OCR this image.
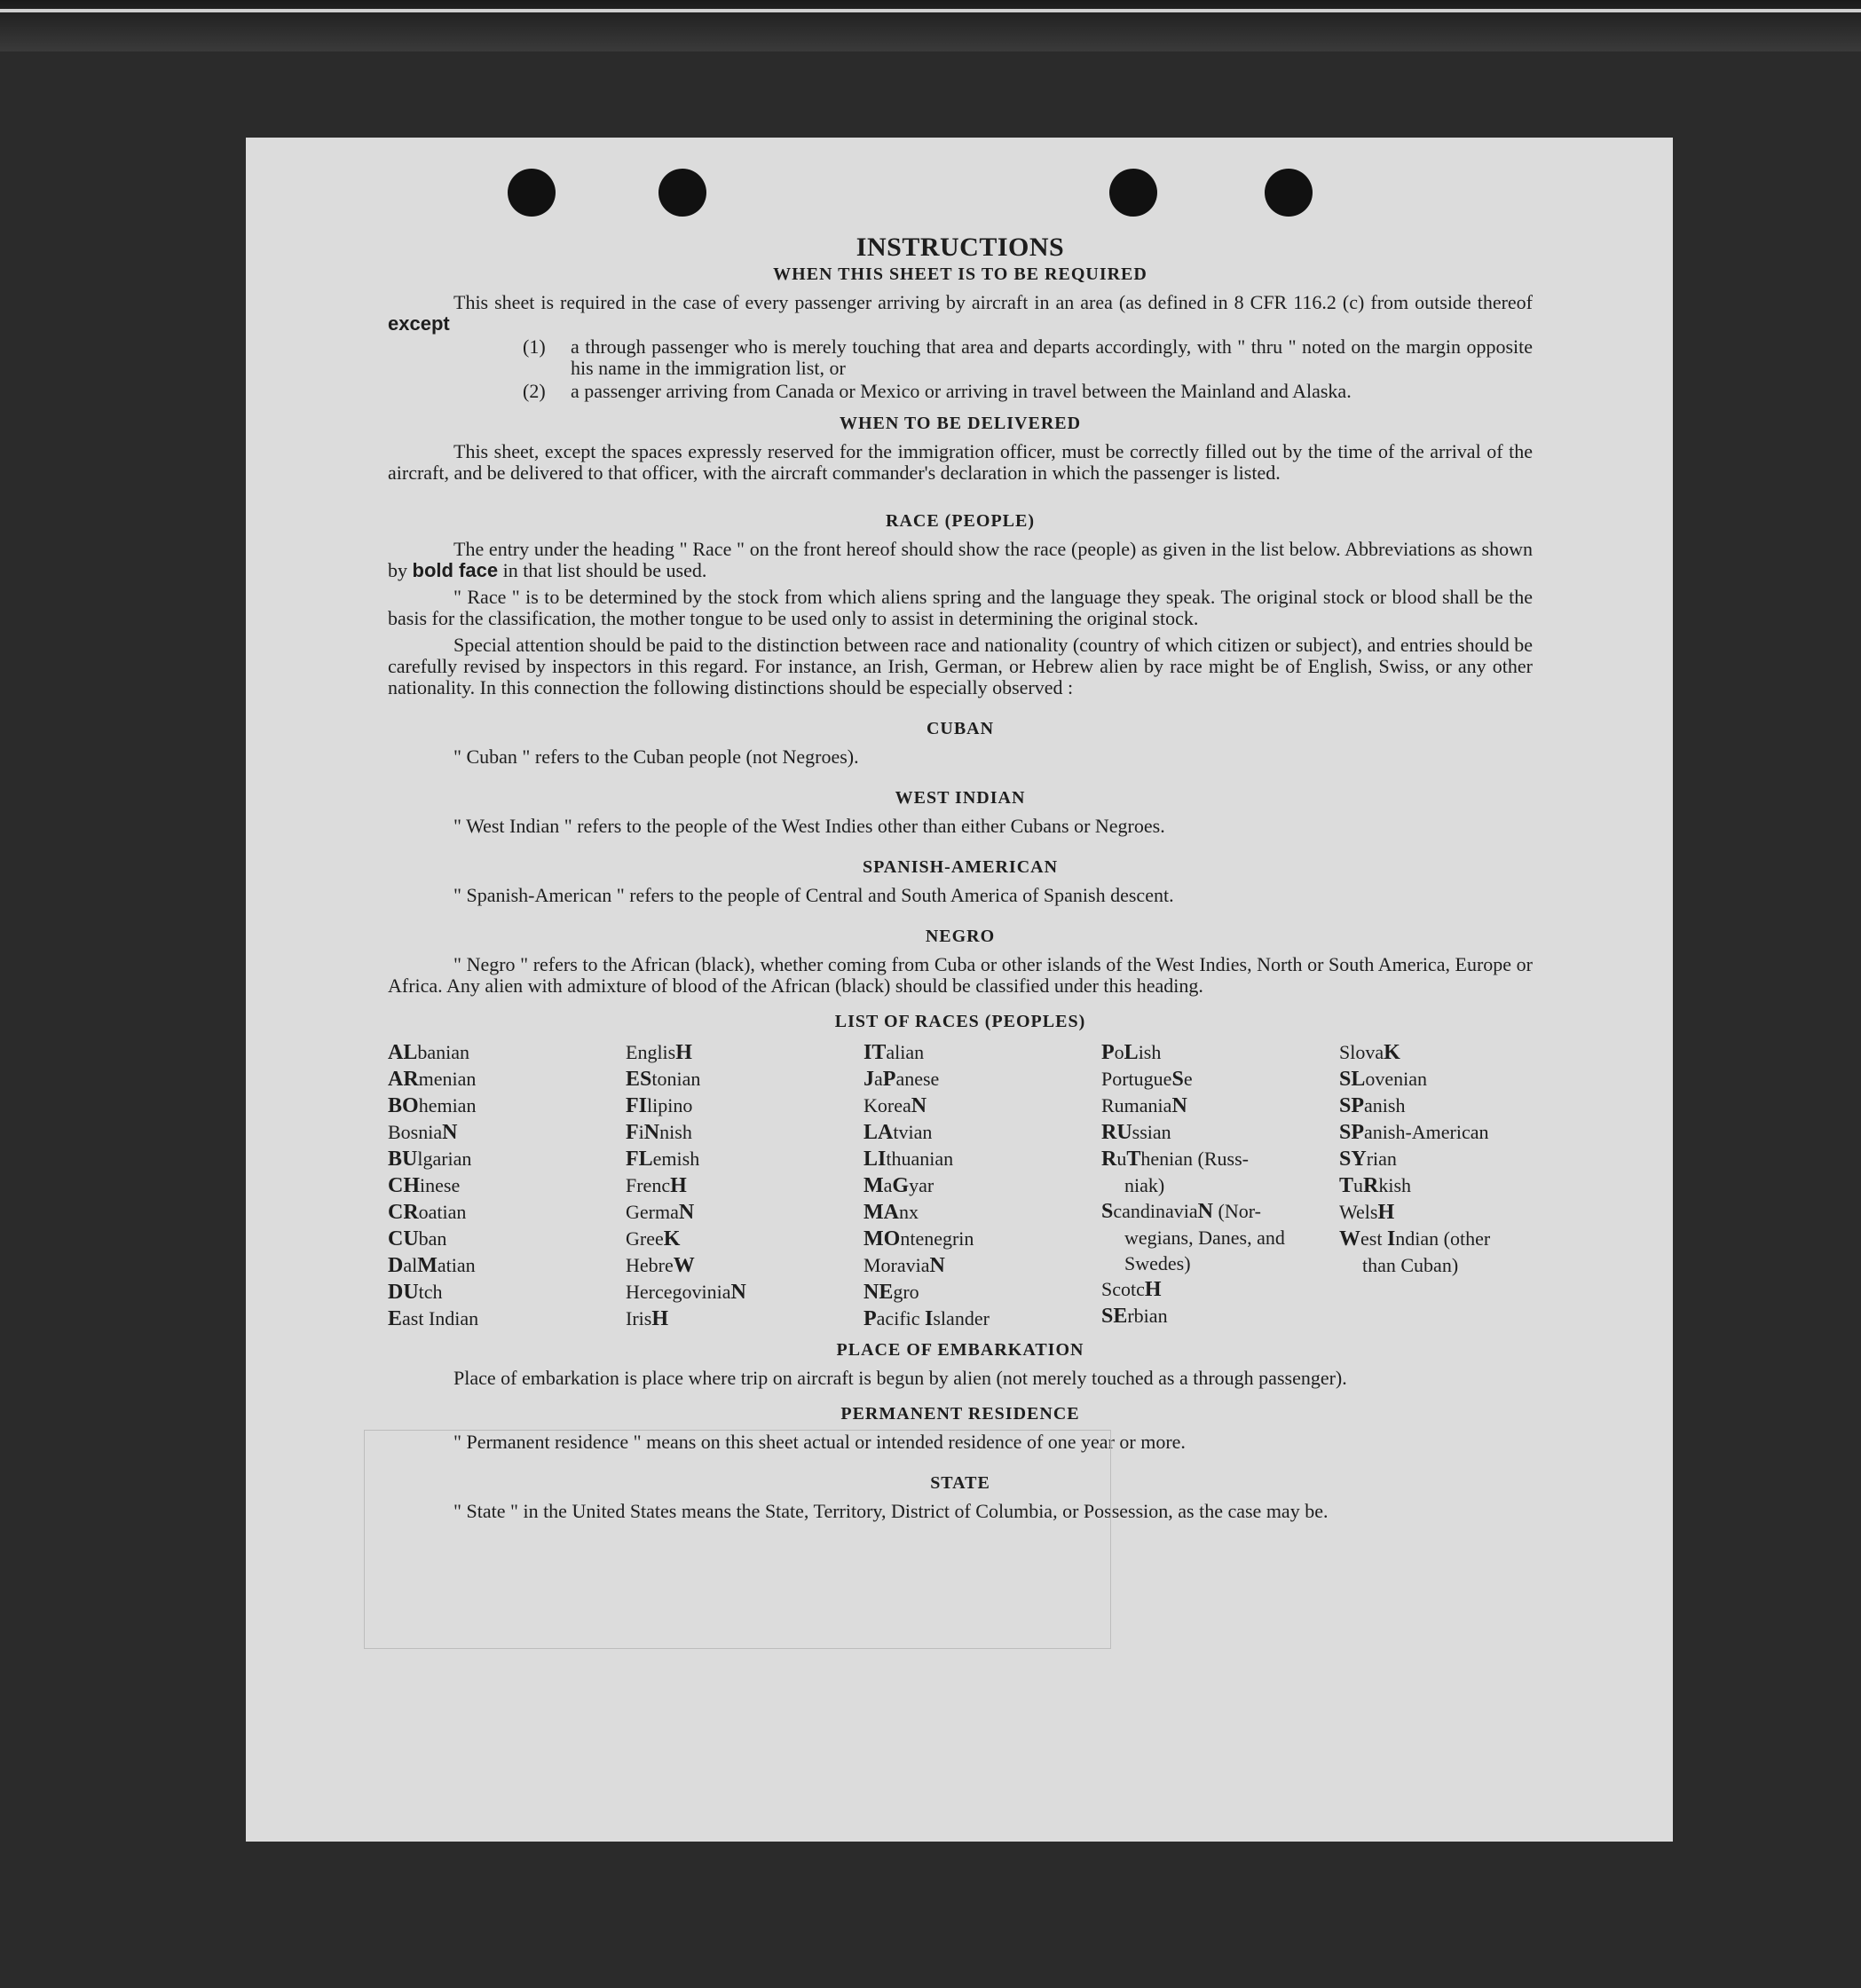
INSTRUCTIONS
WHEN THIS SHEET IS TO BE REQUIRED

This sheet is required in the case of every passenger arriving by aircraft in an area (as defined in 8 CFR 116.2 (c) from outside thereof except

(1)	a through passenger who is merely touching that area and departs accordingly, with " thru " noted on the margin opposite his name in the immigration list, or
(2)	a passenger arriving from Canada or Mexico or arriving in travel between the Mainland and Alaska.
WHEN TO BE DELIVERED

This sheet, except the spaces expressly reserved for the immigration officer, must be correctly filled out by the time of the arrival of the aircraft, and be delivered to that officer, with the aircraft commander's declaration in which the passenger is listed.

RACE (PEOPLE)

The entry under the heading " Race " on the front hereof should show the race (people) as given in the list below. Abbreviations as shown by bold face in that list should be used.

" Race " is to be determined by the stock from which aliens spring and the language they speak. The original stock or blood shall be the basis for the classification, the mother tongue to be used only to assist in determining the original stock.

Special attention should be paid to the distinction between race and nationality (country of which citizen or subject), and entries should be carefully revised by inspectors in this regard. For instance, an Irish, German, or Hebrew alien by race might be of English, Swiss, or any other nationality. In this connection the following distinctions should be especially observed :

CUBAN

" Cuban " refers to the Cuban people (not Negroes).

WEST INDIAN

" West Indian " refers to the people of the West Indies other than either Cubans or Negroes.

SPANISH-AMERICAN

" Spanish-American " refers to the people of Central and South America of Spanish descent.

NEGRO

" Negro " refers to the African (black), whether coming from Cuba or other islands of the West Indies, North or South America, Europe or Africa. Any alien with admixture of blood of the African (black) should be classified under this heading.

LIST OF RACES (PEOPLES)
ALbanian
ARmenian
BOhemian
BosniaN
BUlgarian
CHinese
CRoatian
CUban
DalMatian
DUtch
East Indian
EnglisH
EStonian
FIlipino
FiNnish
FLemish
FrencH
GermaN
GreeK
HebreW
HercegoviniaN
IrisH
ITalian
JaPanese
KoreaN
LAtvian
LIthuanian
MaGyar
MAnx
MOntenegrin
MoraviaN
NEgro
Pacific Islander
PoLish
PortugueSe
RumaniaN
RUssian
RuThenian (Russ-
niak)
ScandinaviaN (Nor-
wegians, Danes, and Swedes)
ScotcH
SErbian
SlovaK
SLovenian
SPanish
SPanish-American
SYrian
TuRkish
WelsH
West Indian (other
than Cuban)
PLACE OF EMBARKATION

Place of embarkation is place where trip on aircraft is begun by alien (not merely touched as a through passenger).

PERMANENT RESIDENCE

" Permanent residence " means on this sheet actual or intended residence of one year or more.

STATE

" State " in the United States means the State, Territory, District of Columbia, or Possession, as the case may be.
